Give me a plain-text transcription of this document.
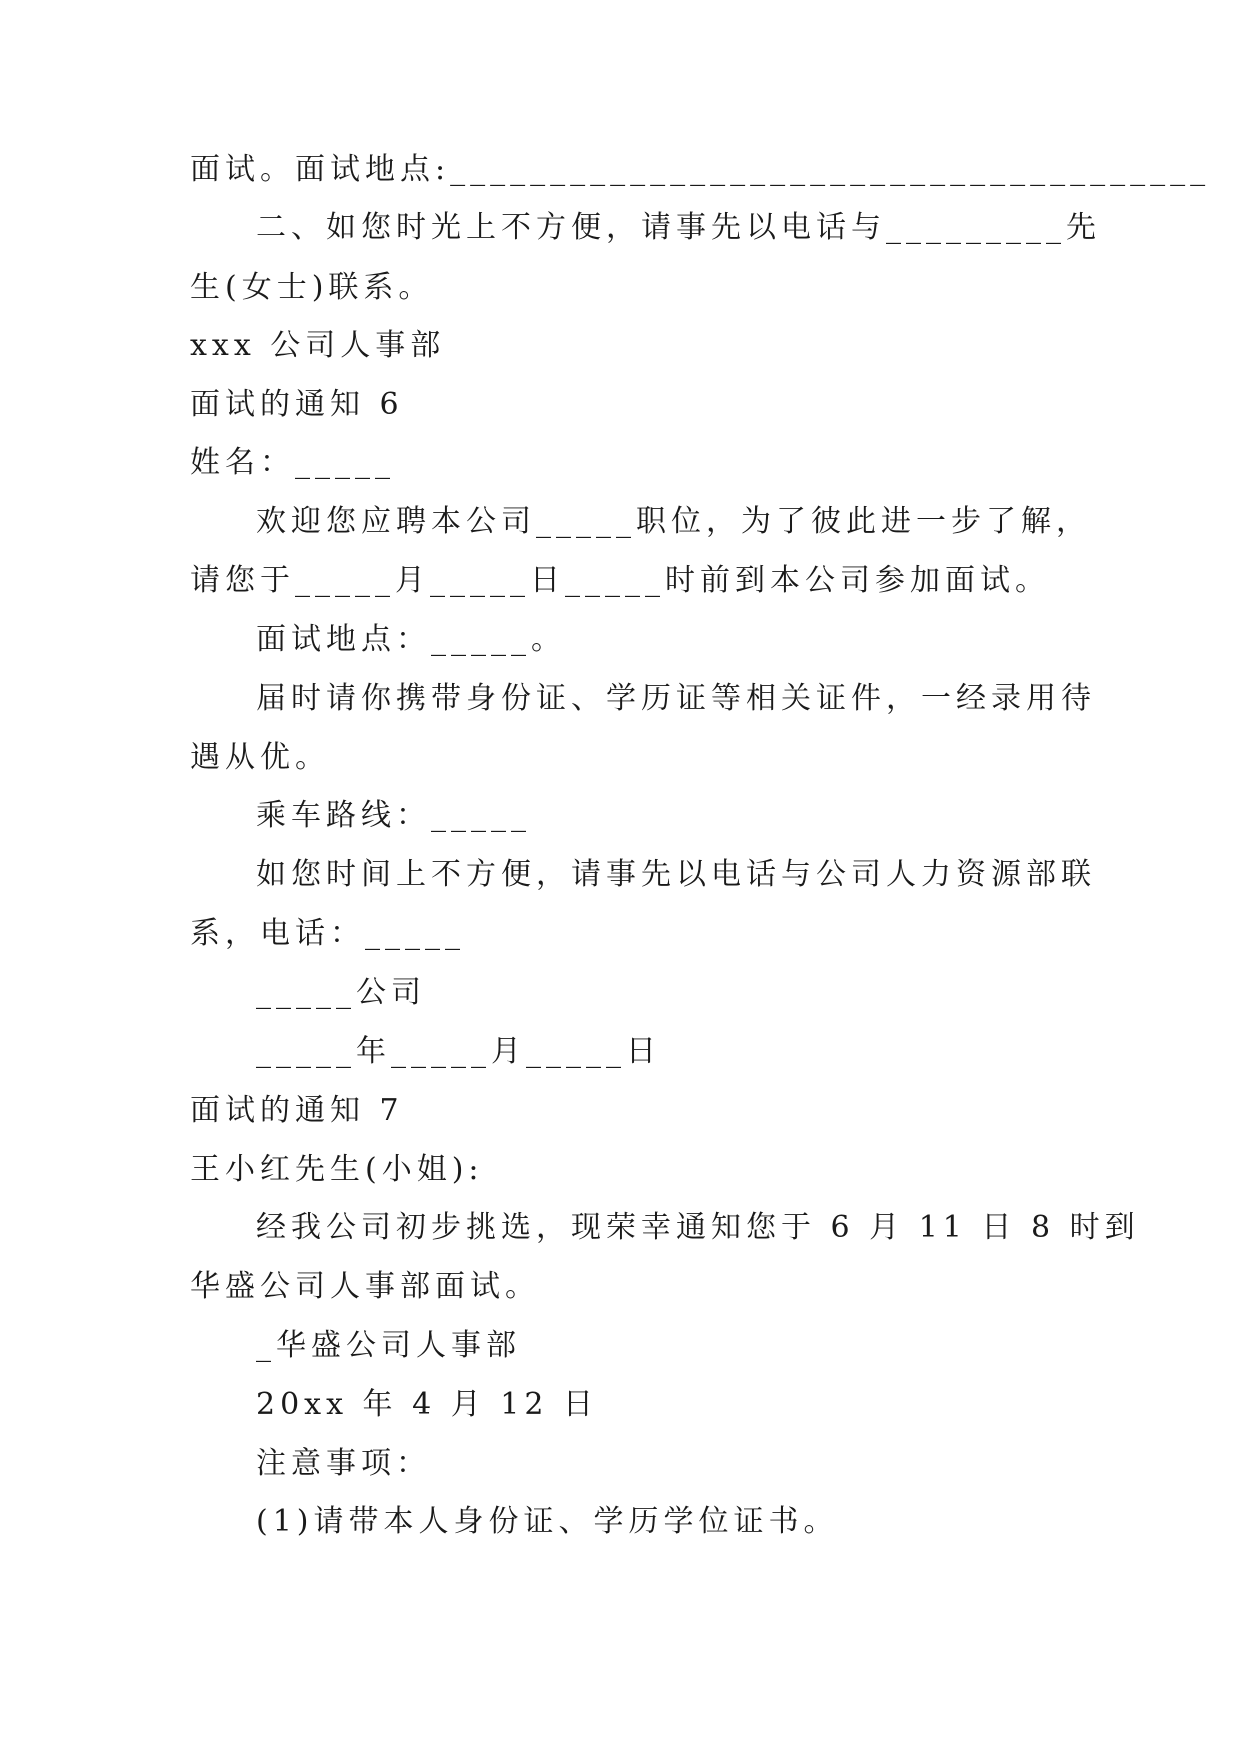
面试。面试地点:______________________________________
二、如您时光上不方便，请事先以电话与_________先
生(女士)联系。
xxx 公司人事部
面试的通知 6
姓名：_____
欢迎您应聘本公司_____职位，为了彼此进一步了解，
请您于_____月_____日_____时前到本公司参加面试。
面试地点：_____。
届时请你携带身份证、学历证等相关证件，一经录用待
遇从优。
乘车路线：_____
如您时间上不方便，请事先以电话与公司人力资源部联
系，电话：_____
_____公司
_____年_____月_____日
面试的通知 7
王小红先生(小姐):
经我公司初步挑选，现荣幸通知您于 6 月 11 日 8 时到
华盛公司人事部面试。
_华盛公司人事部
20xx 年 4 月 12 日
注意事项：
(1)请带本人身份证、学历学位证书。
